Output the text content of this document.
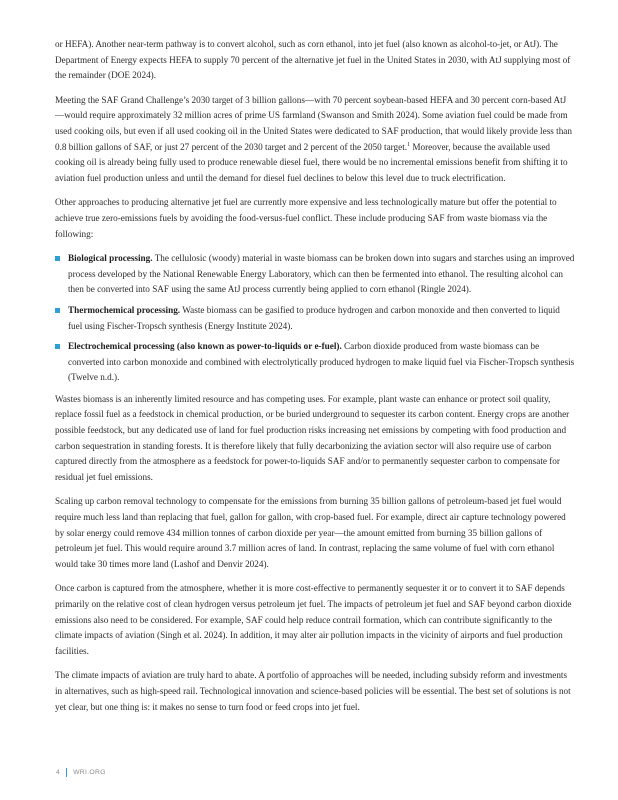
or HEFA). Another near-term pathway is to convert alcohol, such as corn ethanol, into jet fuel (also known as alcohol-to-jet, or AtJ). The Department of Energy expects HEFA to supply 70 percent of the alternative jet fuel in the United States in 2030, with AtJ supplying most of the remainder (DOE 2024).

Meeting the SAF Grand Challenge’s 2030 target of 3 billion gallons—with 70 percent soybean-based HEFA and 30 percent corn-based AtJ—would require approximately 32 million acres of prime US farmland (Swanson and Smith 2024). Some aviation fuel could be made from used cooking oils, but even if all used cooking oil in the United States were dedicated to SAF production, that would likely provide less than 0.8 billion gallons of SAF, or just 27 percent of the 2030 target and 2 percent of the 2050 target.$^1$ Moreover, because the available used cooking oil is already being fully used to produce renewable diesel fuel, there would be no incremental emissions benefit from shifting it to aviation fuel production unless and until the demand for diesel fuel declines to below this level due to truck electrification.

Other approaches to producing alternative jet fuel are currently more expensive and less technologically mature but offer the potential to achieve true zero-emissions fuels by avoiding the food-versus-fuel conflict. These include producing SAF from waste biomass via the following:

Biological processing. The cellulosic (woody) material in waste biomass can be broken down into sugars and starches using an improved process developed by the National Renewable Energy Laboratory, which can then be fermented into ethanol. The resulting alcohol can then be converted into SAF using the same AtJ process currently being applied to corn ethanol (Ringle 2024).
Thermochemical processing. Waste biomass can be gasified to produce hydrogen and carbon monoxide and then converted to liquid fuel using Fischer-Tropsch synthesis (Energy Institute 2024).
Electrochemical processing (also known as power-to-liquids or e-fuel). Carbon dioxide produced from waste biomass can be converted into carbon monoxide and combined with electrolytically produced hydrogen to make liquid fuel via Fischer-Tropsch synthesis (Twelve n.d.).

Wastes biomass is an inherently limited resource and has competing uses. For example, plant waste can enhance or protect soil quality, replace fossil fuel as a feedstock in chemical production, or be buried underground to sequester its carbon content. Energy crops are another possible feedstock, but any dedicated use of land for fuel production risks increasing net emissions by competing with food production and carbon sequestration in standing forests. It is therefore likely that fully decarbonizing the aviation sector will also require use of carbon captured directly from the atmosphere as a feedstock for power-to-liquids SAF and/or to permanently sequester carbon to compensate for residual jet fuel emissions.

Scaling up carbon removal technology to compensate for the emissions from burning 35 billion gallons of petroleum-based jet fuel would require much less land than replacing that fuel, gallon for gallon, with crop-based fuel. For example, direct air capture technology powered by solar energy could remove 434 million tonnes of carbon dioxide per year—the amount emitted from burning 35 billion gallons of petroleum jet fuel. This would require around 3.7 million acres of land. In contrast, replacing the same volume of fuel with corn ethanol would take 30 times more land (Lashof and Denvir 2024).

Once carbon is captured from the atmosphere, whether it is more cost-effective to permanently sequester it or to convert it to SAF depends primarily on the relative cost of clean hydrogen versus petroleum jet fuel. The impacts of petroleum jet fuel and SAF beyond carbon dioxide emissions also need to be considered. For example, SAF could help reduce contrail formation, which can contribute significantly to the climate impacts of aviation (Singh et al. 2024). In addition, it may alter air pollution impacts in the vicinity of airports and fuel production facilities.

The climate impacts of aviation are truly hard to abate. A portfolio of approaches will be needed, including subsidy reform and investments in alternatives, such as high-speed rail. Technological innovation and science-based policies will be essential. The best set of solutions is not yet clear, but one thing is: it makes no sense to turn food or feed crops into jet fuel.

4 WRI.ORG
